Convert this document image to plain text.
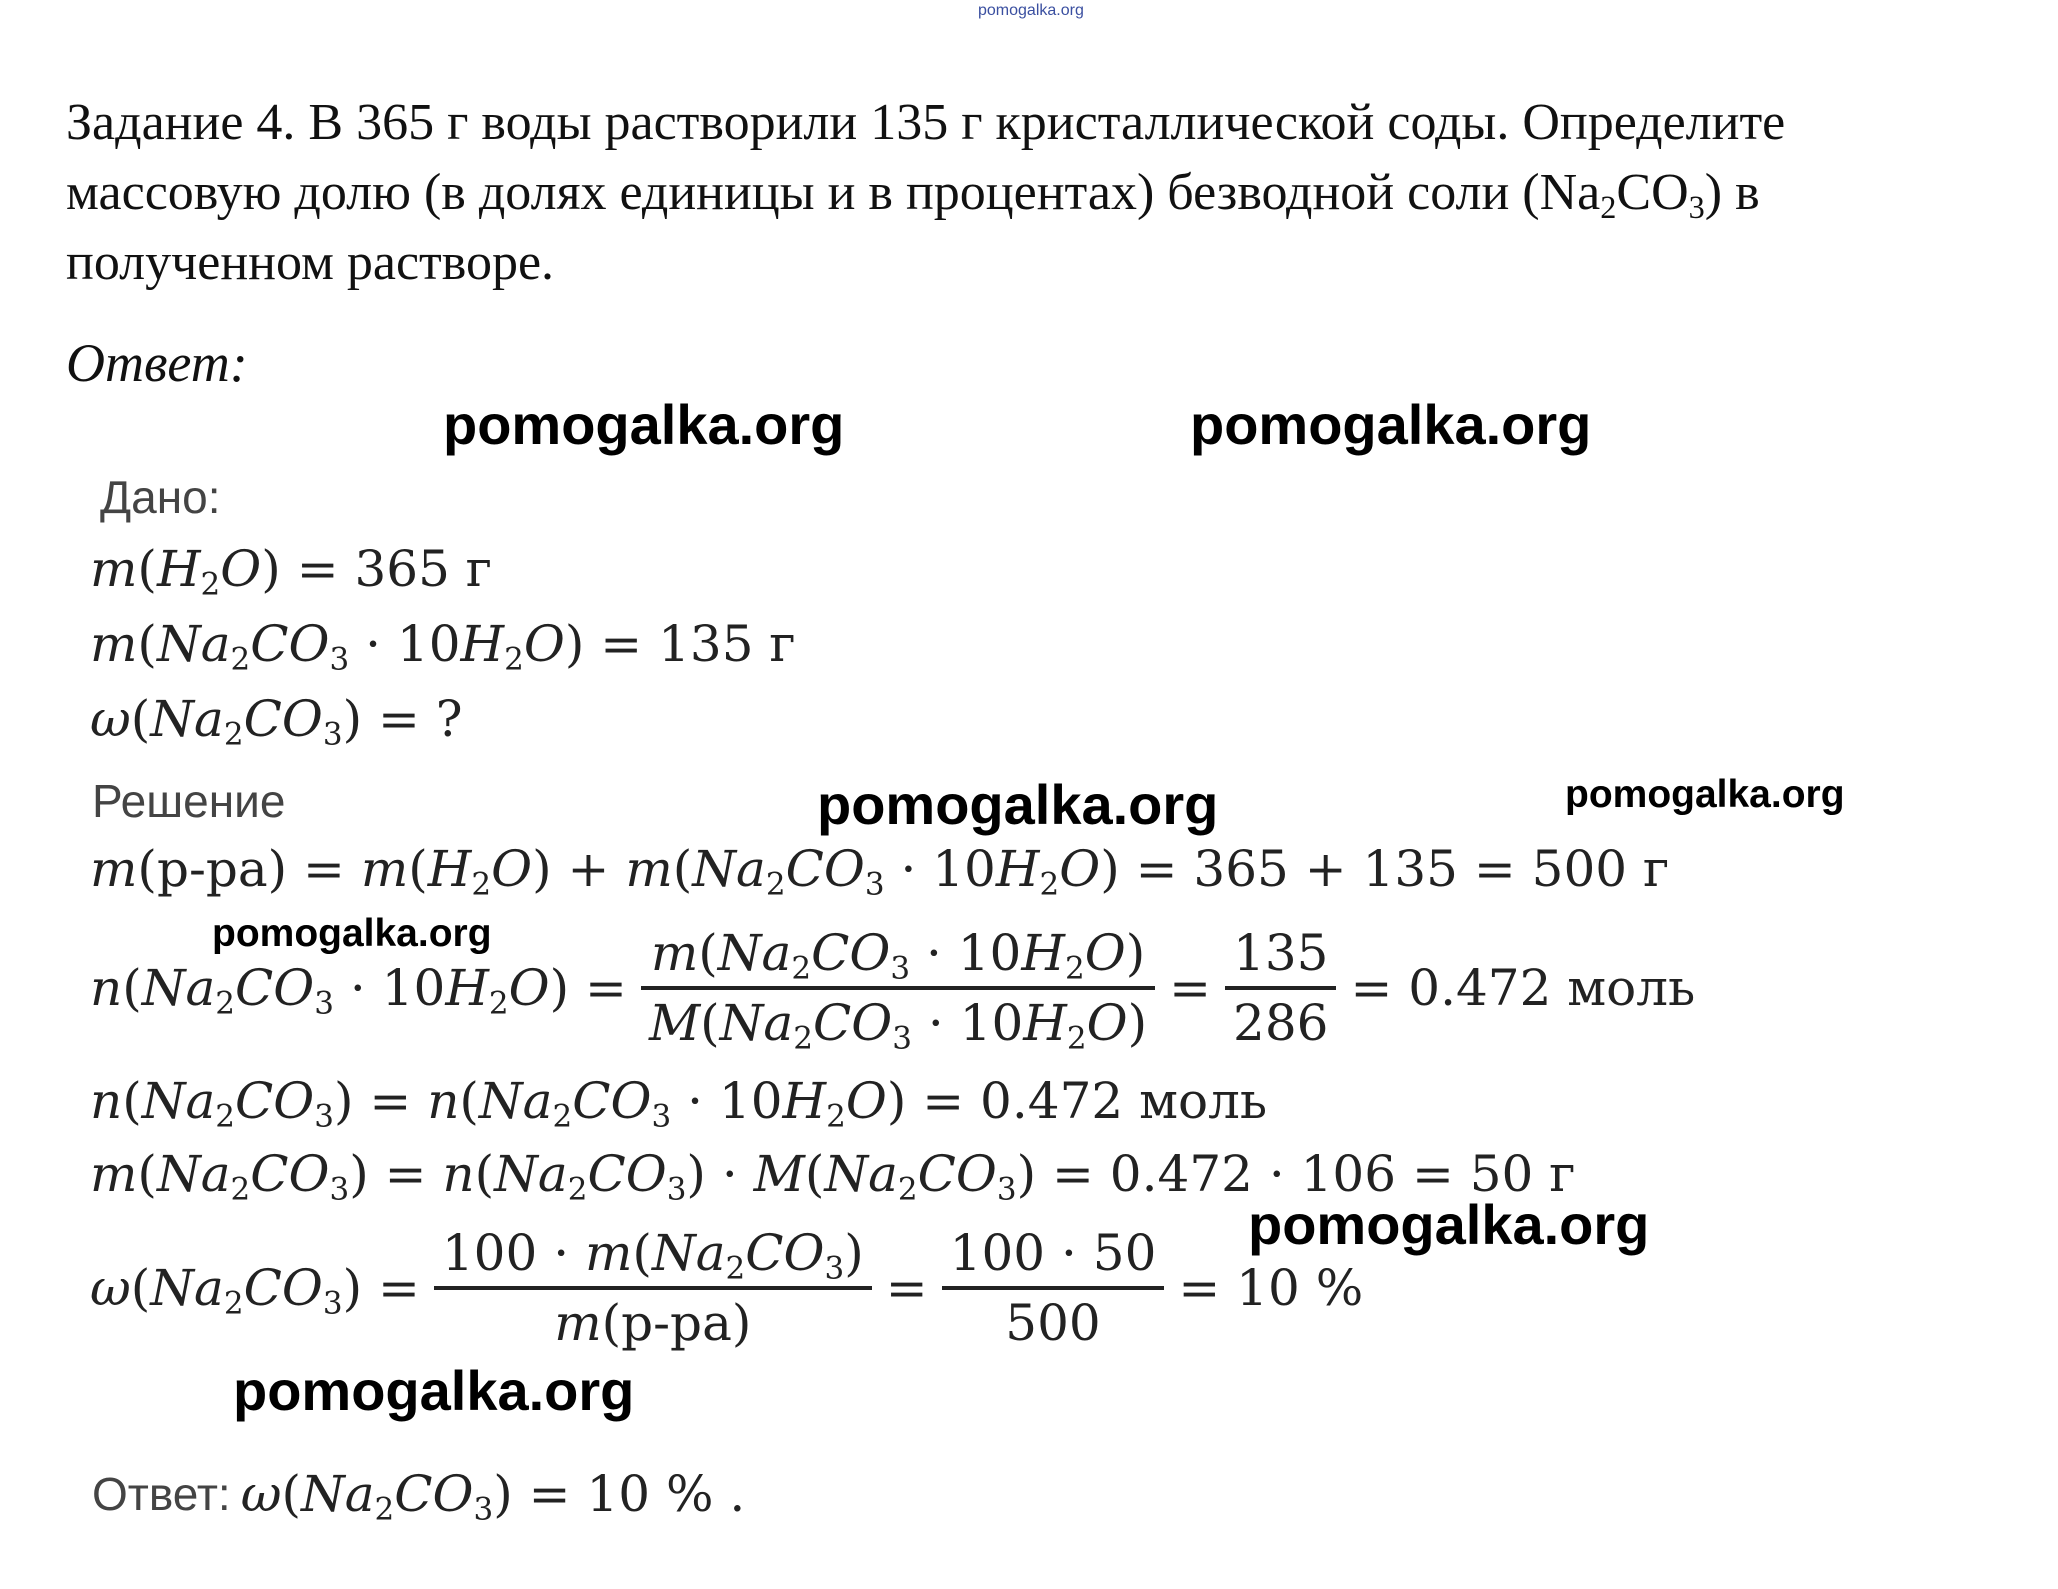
pomogalka.org
Задание 4. В 365 г воды растворили 135 г кристаллической соды. Определите
массовую долю (в долях единицы и в процентах) безводной соли $(Na_2CO_3)$ в
полученном растворе.
Ответ:
pomogalka.org	pomogalka.org
pomogalka.org	pomogalka.org
pomogalka.org
pomogalka.org
pomogalka.org
Дано:
$m(H_2O) = 365$ г
$m(Na_2CO_3 \cdot 10H_2O) = 135$ г
$\omega(Na_2CO_3)$ = ?
Решение
$m(р-ра) = m(H_2O) + m(Na_2CO_3 \cdot 10H_2O) = 365 + 135 = 500$ г
$n(Na_2CO_3 \cdot 10H_2O) = \frac{m(Na_2CO_3 \cdot 10H_2O)}{M(Na_2CO_3 \cdot 10H_2O)} = \frac{135}{286} = 0.472$ моль
$n(Na_2CO_3) = n(Na_2CO_3 \cdot 10H_2O) = 0.472$ моль
$m(Na_2CO_3) = n(Na_2CO_3) \cdot M(Na_2CO_3) = 0.472 \cdot 106 = 50$ г
$\omega(Na_2CO_3) = \frac{100 \cdot m(Na_2CO_3)}{m(р-ра)} = \frac{100 \cdot 50}{500} = 10$ %
Ответ: $\omega(Na_2CO_3) = 10$ % .
